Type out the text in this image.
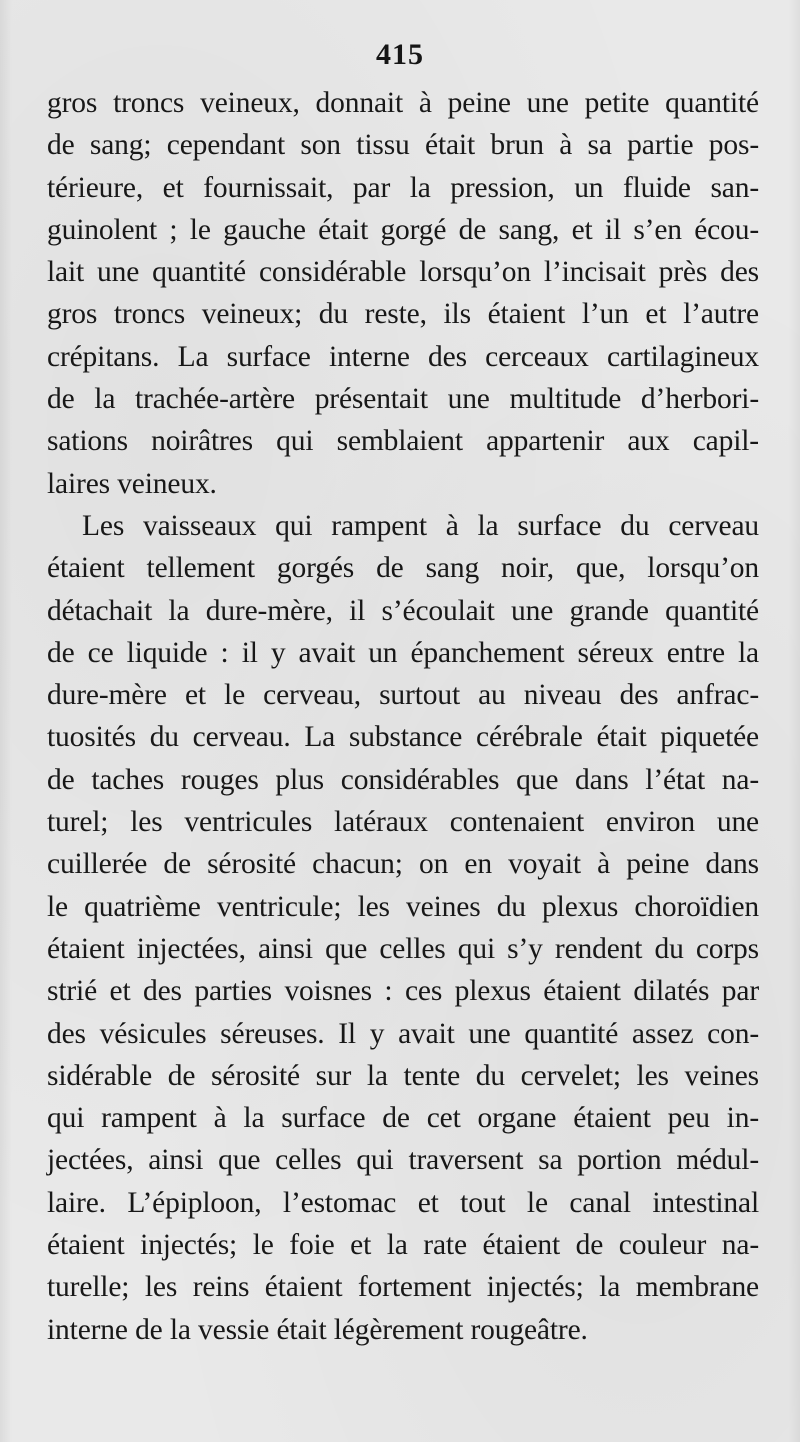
415
gros troncs veineux, donnait à peine une petite quantité
de sang; cependant son tissu était brun à sa partie pos-
térieure, et fournissait, par la pression, un fluide san-
guinolent ; le gauche était gorgé de sang, et il s’en écou-
lait une quantité considérable lorsqu’on l’incisait près des
gros troncs veineux; du reste, ils étaient l’un et l’autre
crépitans. La surface interne des cerceaux cartilagineux
de la trachée-artère présentait une multitude d’herbori-
sations noirâtres qui semblaient appartenir aux capil-
laires veineux.
Les vaisseaux qui rampent à la surface du cerveau
étaient tellement gorgés de sang noir, que, lorsqu’on
détachait la dure-mère, il s’écoulait une grande quantité
de ce liquide : il y avait un épanchement séreux entre la
dure-mère et le cerveau, surtout au niveau des anfrac-
tuosités du cerveau. La substance cérébrale était piquetée
de taches rouges plus considérables que dans l’état na-
turel; les ventricules latéraux contenaient environ une
cuillerée de sérosité chacun; on en voyait à peine dans
le quatrième ventricule; les veines du plexus choroïdien
étaient injectées, ainsi que celles qui s’y rendent du corps
strié et des parties voisnes : ces plexus étaient dilatés par
des vésicules séreuses. Il y avait une quantité assez con-
sidérable de sérosité sur la tente du cervelet; les veines
qui rampent à la surface de cet organe étaient peu in-
jectées, ainsi que celles qui traversent sa portion médul-
laire. L’épiploon, l’estomac et tout le canal intestinal
étaient injectés; le foie et la rate étaient de couleur na-
turelle; les reins étaient fortement injectés; la membrane
interne de la vessie était légèrement rougeâtre.
